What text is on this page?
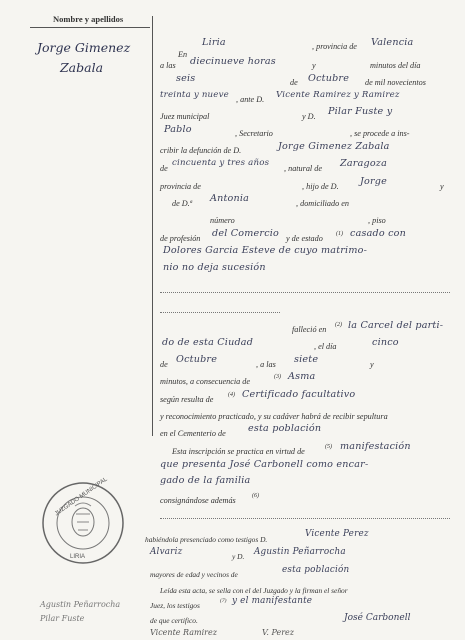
Nombre y apellidos
Jorge Gimenez
Zabala
JUZGADO MUNICIPAL
LIRIA
En
Liria	, provincia de Valencia
a las diecinueve horas	y	minutos del día
seis	de Octubre de mil novecientos
treinta y nueve , ante D. Vicente Ramirez y Ramirez
Juez municipal	y D. Pilar Fuste y
Pablo	, Secretario	, se procede a ins-
cribir la defunción de D.	Jorge Gimenez Zabala
de
cincuenta y tres años
, natural de Zaragoza
provincia de	, hijo de D. Jorge	y
de D.ª Antonia	, domiciliado en
número	, piso
de profesión del Comercio y de estado (1) casado con
Dolores Garcia Esteve de cuyo matrimo-
nio no deja sucesión
falleció en (2) la Carcel del parti-
do de esta Ciudad	, el día	cinco
de Octubre	, a las siete	y
minutos, a consecuencia de	(3) Asma
según resulta de (4) Certificado facultativo
y reconocimiento practicado, y su cadáver habrá de recibir sepultura
en el Cementerio de esta población
Esta inscripción se practica en virtud de	(5) manifestación
que presenta José Carbonell como encar-
gado de la familia
consignándose además	(6)
habiéndola presenciado como testigos D.
Vicente Perez
Alvariz	y D. Agustin Peñarrocha
mayores de edad y vecinos de	esta población
Leída esta acta, se sella con el del Juzgado y la firman el señor
Juez, los testigos	(7) y el manifestante
de que certifico.	José Carbonell
Vicente Ramirez	V. Perez
Agustin Peñarrocha
Pilar Fuste
